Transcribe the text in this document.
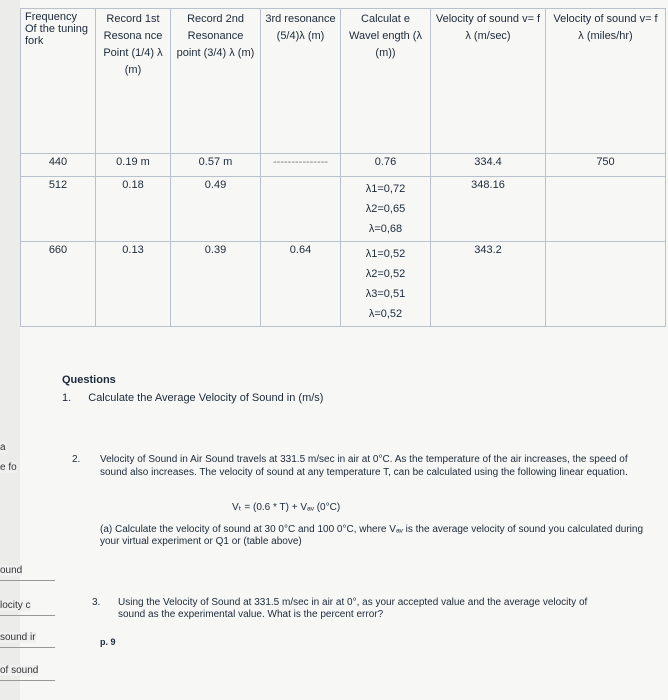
Frequency Of the tuning fork	Record 1st Resona nce Point (1/4) λ (m)	Record 2nd Resonance point (3/4) λ (m)	3rd resonance (5/4)λ (m)	Calculat e Wavel ength (λ (m))	Velocity of sound v= f λ (m/sec)	Velocity of sound v= f λ (miles/hr)
440	0.19 m	0.57 m	---------------	0.76	334.4	750
512	0.18	0.49		λ1=0,72
λ2=0,65
λ=0,68	348.16	
660	0.13	0.39	0.64	λ1=0,52
λ2=0,52
λ3=0,51
λ=0,52	343.2	
Questions
1. Calculate the Average Velocity of Sound in (m/s)
2. Velocity of Sound in Air Sound travels at 331.5 m/sec in air at 0°C. As the temperature of the air increases, the speed of sound also increases. The velocity of sound at any temperature T, can be calculated using the following linear equation.
Vₜ = (0.6 * T) + Vₐᵥ (0°C)
(a) Calculate the velocity of sound at 30 0°C and 100 0°C, where Vₐᵥ is the average velocity of sound you calculated during your virtual experiment or Q1 or (table above)
3. Using the Velocity of Sound at 331.5 m/sec in air at 0°, as your accepted value and the average velocity of sound as the experimental value. What is the percent error?
p. 9
a
e fo
ound
locity c
sound ir
of sound
